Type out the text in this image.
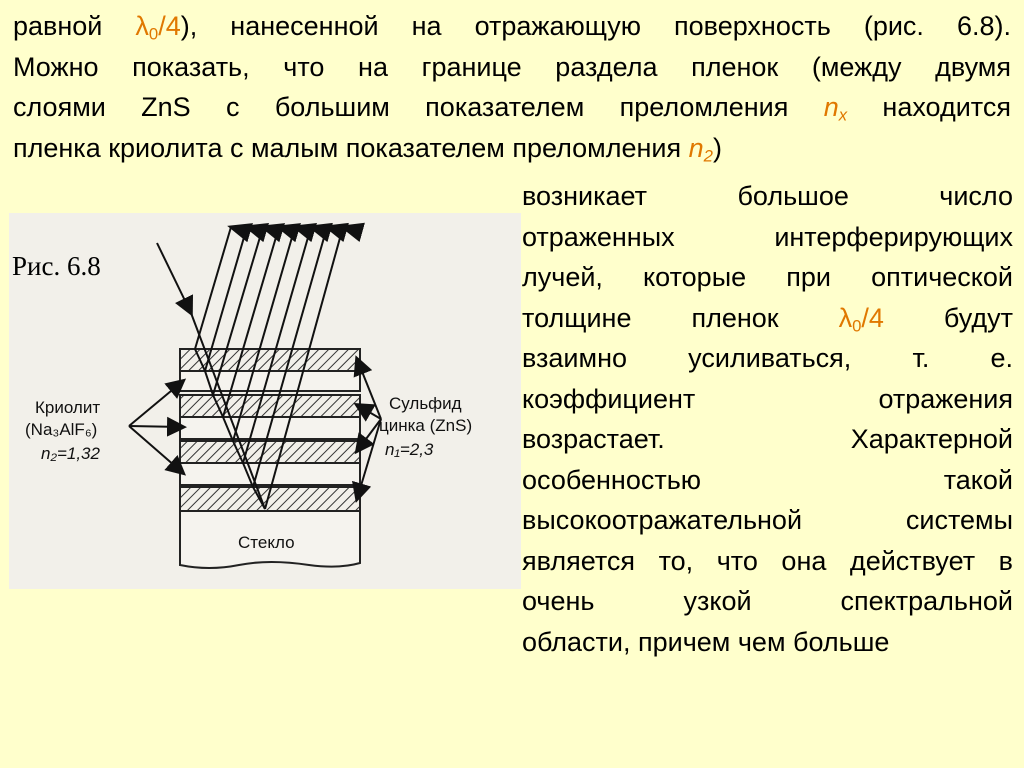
равной $\lambda_0/4$), нанесенной на отражающую поверхность (рис. 6.8).
Можно показать, что на границе раздела пленок (между двумя
слоями ZnS с большим показателем преломления $n_x$ находится
пленка криолита с малым показателем преломления $n_2$)
Криолит
(Na₃AlF₆)
n₂=1,32
Сульфид
цинка (ZnS)
n₁=2,3
Стекло

Рис. 6.8

возникает большое число
отраженных интерферирующих
лучей, которые при оптической
толщине пленок $\lambda_0/4$ будут
взаимно усиливаться, т. е.
коэффициент отражения
возрастает. Характерной
особенностью такой
высокоотражательной системы
является то, что она действует в
очень узкой спектральной
области, причем чем больше
